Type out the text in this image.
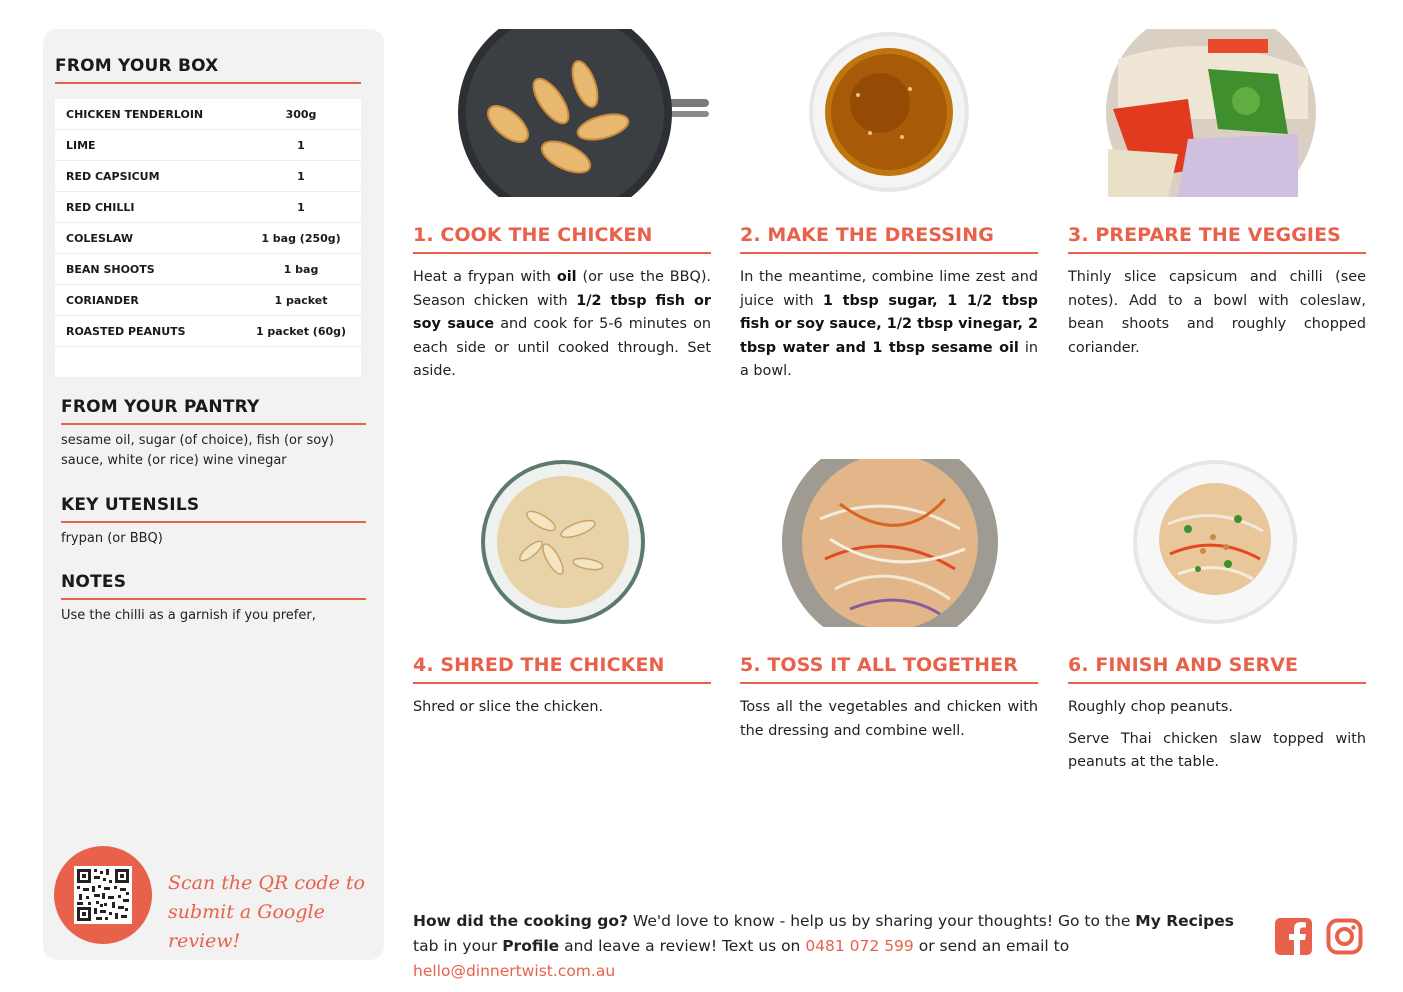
FROM YOUR BOX
CHICKEN TENDERLOIN	300g
LIME	1
RED CAPSICUM	1
RED CHILLI	1
COLESLAW	1 bag (250g)
BEAN SHOOTS	1 bag
CORIANDER	1 packet
ROASTED PEANUTS	1 packet (60g)
FROM YOUR PANTRY
sesame oil, sugar (of choice), fish (or soy) sauce, white (or rice) wine vinegar
KEY UTENSILS
frypan (or BBQ)
NOTES
Use the chilli as a garnish if you prefer,
Scan the QR code to
submit a Google review!
1. COOK THE CHICKEN

Heat a frypan with oil (or use the BBQ). Season chicken with 1/2 tbsp fish or soy sauce and cook for 5-6 minutes on each side or until cooked through. Set aside.

2. MAKE THE DRESSING

In the meantime, combine lime zest and juice with 1 tbsp sugar, 1 1/2 tbsp fish or soy sauce, 1/2 tbsp vinegar, 2 tbsp water and 1 tbsp sesame oil in a bowl.

3. PREPARE THE VEGGIES

Thinly slice capsicum and chilli (see notes). Add to a bowl with coleslaw, bean shoots and roughly chopped coriander.

4. SHRED THE CHICKEN

Shred or slice the chicken.

5. TOSS IT ALL TOGETHER

Toss all the vegetables and chicken with the dressing and combine well.

6. FINISH AND SERVE

Roughly chop peanuts.

Serve Thai chicken slaw topped with peanuts at the table.

How did the cooking go? We'd love to know - help us by sharing your thoughts! Go to the My Recipes tab in your Profile and leave a review! Text us on 0481 072 599 or send an email to hello@dinnertwist.com.au
